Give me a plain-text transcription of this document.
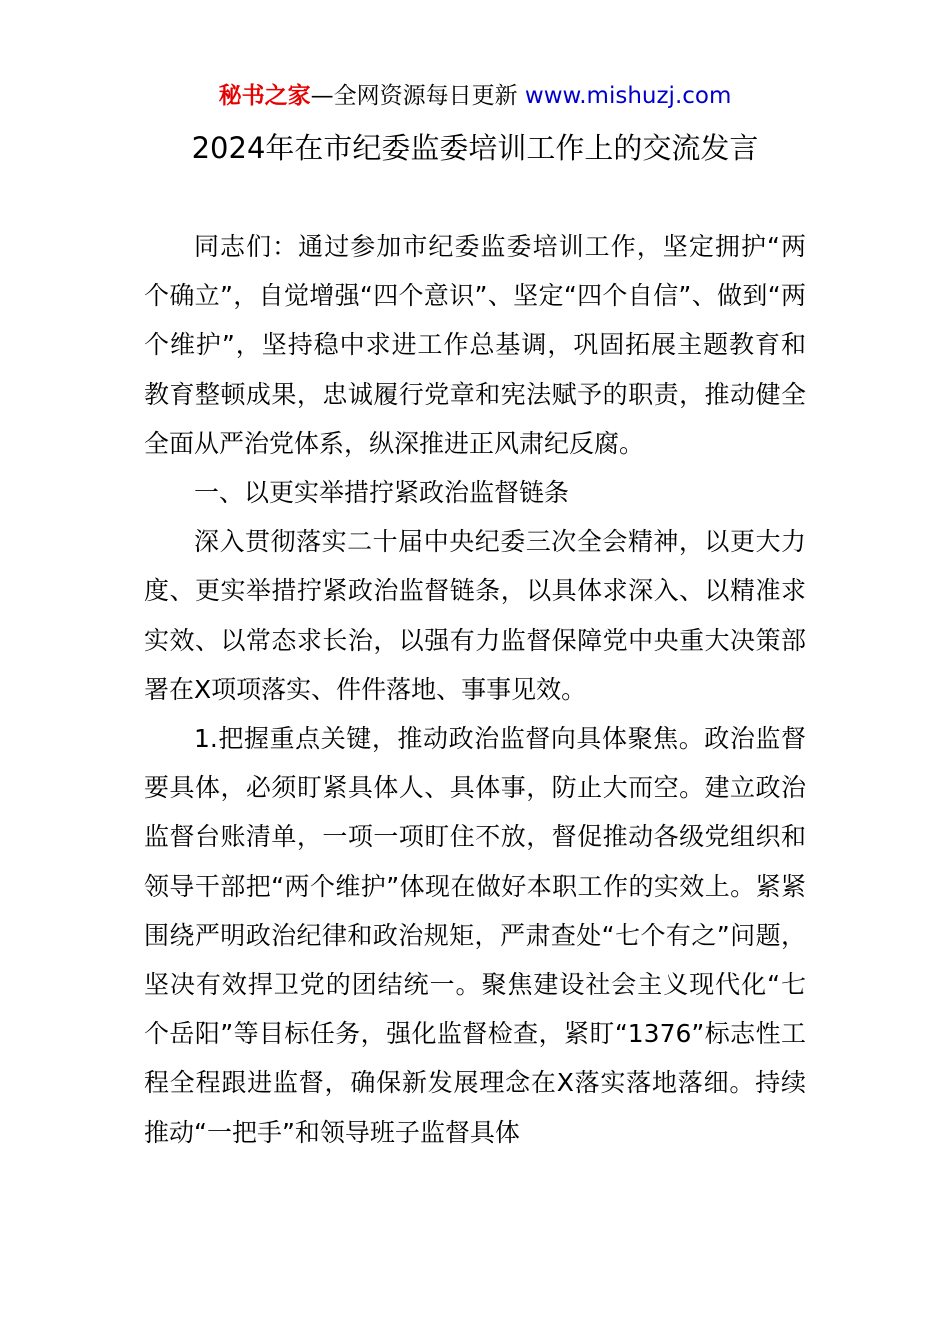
秘书之家—全网资源每日更新 www.mishuzj.com
2024年在市纪委监委培训工作上的交流发言

同志们：通过参加市纪委监委培训工作，坚定拥护“两个确立”，自觉增强“四个意识”、坚定“四个自信”、做到“两个维护”，坚持稳中求进工作总基调，巩固拓展主题教育和教育整顿成果，忠诚履行党章和宪法赋予的职责，推动健全全面从严治党体系，纵深推进正风肃纪反腐。

一、以更实举措拧紧政治监督链条

深入贯彻落实二十届中央纪委三次全会精神，以更大力度、更实举措拧紧政治监督链条，以具体求深入、以精准求实效、以常态求长治，以强有力监督保障党中央重大决策部署在X项项落实、件件落地、事事见效。

1.把握重点关键，推动政治监督向具体聚焦。政治监督要具体，必须盯紧具体人、具体事，防止大而空。建立政治监督台账清单，一项一项盯住不放，督促推动各级党组织和领导干部把“两个维护”体现在做好本职工作的实效上。紧紧围绕严明政治纪律和政治规矩，严肃查处“七个有之”问题，坚决有效捍卫党的团结统一。聚焦建设社会主义现代化“七个岳阳”等目标任务，强化监督检查，紧盯“1376”标志性工程全程跟进监督，确保新发展理念在X落实落地落细。持续推动“一把手”和领导班子监督具体
